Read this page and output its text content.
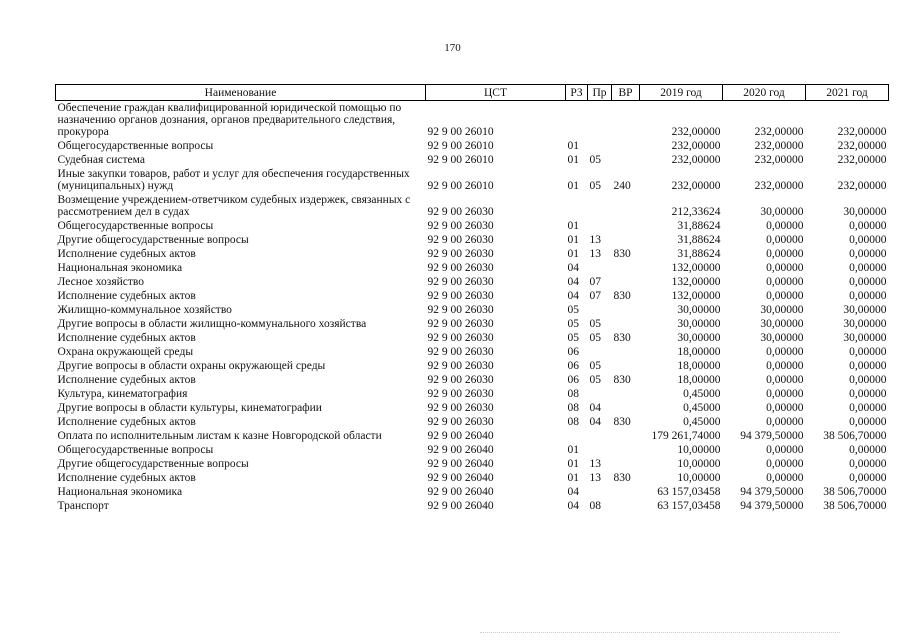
170
Наименование	ЦСТ	РЗ	Пр	ВР	2019 год	2020 год	2021 год
Обеспечение граждан квалифицированной юридической помощью по назначению органов дознания, органов предварительного следствия, прокурора	92 9 00 26010				232,00000	232,00000	232,00000
Общегосударственные вопросы	92 9 00 26010	01			232,00000	232,00000	232,00000
Судебная система	92 9 00 26010	01	05		232,00000	232,00000	232,00000
Иные закупки товаров, работ и услуг для обеспечения государственных (муниципальных) нужд	92 9 00 26010	01	05	240	232,00000	232,00000	232,00000
Возмещение учреждением-ответчиком судебных издержек, связанных с рассмотрением дел в судах	92 9 00 26030				212,33624	30,00000	30,00000
Общегосударственные вопросы	92 9 00 26030	01			31,88624	0,00000	0,00000
Другие общегосударственные вопросы	92 9 00 26030	01	13		31,88624	0,00000	0,00000
Исполнение судебных актов	92 9 00 26030	01	13	830	31,88624	0,00000	0,00000
Национальная экономика	92 9 00 26030	04			132,00000	0,00000	0,00000
Лесное хозяйство	92 9 00 26030	04	07		132,00000	0,00000	0,00000
Исполнение судебных актов	92 9 00 26030	04	07	830	132,00000	0,00000	0,00000
Жилищно-коммунальное хозяйство	92 9 00 26030	05			30,00000	30,00000	30,00000
Другие вопросы в области жилищно-коммунального хозяйства	92 9 00 26030	05	05		30,00000	30,00000	30,00000
Исполнение судебных актов	92 9 00 26030	05	05	830	30,00000	30,00000	30,00000
Охрана окружающей среды	92 9 00 26030	06			18,00000	0,00000	0,00000
Другие вопросы в области охраны окружающей среды	92 9 00 26030	06	05		18,00000	0,00000	0,00000
Исполнение судебных актов	92 9 00 26030	06	05	830	18,00000	0,00000	0,00000
Культура, кинематография	92 9 00 26030	08			0,45000	0,00000	0,00000
Другие вопросы в области культуры, кинематографии	92 9 00 26030	08	04		0,45000	0,00000	0,00000
Исполнение судебных актов	92 9 00 26030	08	04	830	0,45000	0,00000	0,00000
Оплата по исполнительным листам к казне Новгородской области	92 9 00 26040				179 261,74000	94 379,50000	38 506,70000
Общегосударственные вопросы	92 9 00 26040	01			10,00000	0,00000	0,00000
Другие общегосударственные вопросы	92 9 00 26040	01	13		10,00000	0,00000	0,00000
Исполнение судебных актов	92 9 00 26040	01	13	830	10,00000	0,00000	0,00000
Национальная экономика	92 9 00 26040	04			63 157,03458	94 379,50000	38 506,70000
Транспорт	92 9 00 26040	04	08		63 157,03458	94 379,50000	38 506,70000
